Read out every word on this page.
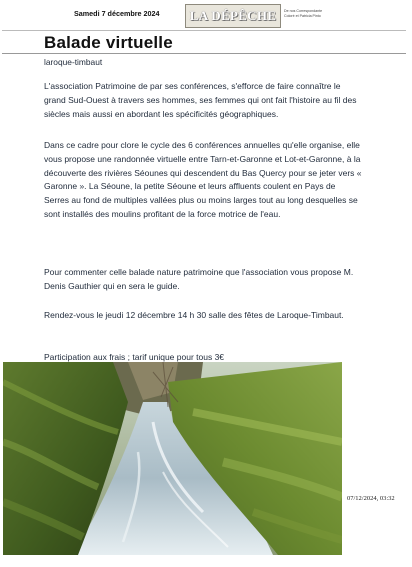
Samedi 7 décembre 2024	LA DÉPÊCHE	De nos Correspondante
Coloré et Patricia Pinto
Balade virtuelle
laroque-timbaut

L'association Patrimoine de par ses conférences, s'efforce de faire connaître le grand Sud-Ouest à travers ses hommes, ses femmes qui ont fait l'histoire au fil des siècles mais aussi en abordant les spécificités géographiques.

Dans ce cadre pour clore le cycle des 6 conférences annuelles qu'elle organise, elle vous propose une randonnée virtuelle entre Tarn-et-Garonne et Lot-et-Garonne, à la découverte des rivières Séounes qui descendent du Bas Quercy pour se jeter vers « Garonne ». La Séoune, la petite Séoune et leurs affluents coulent en Pays de Serres au fond de multiples vallées plus ou moins larges tout au long desquelles se sont installés des moulins profitant de la force motrice de l'eau.

Pour commenter celle balade nature patrimoine que l'association vous propose M. Denis Gauthier qui en sera le guide.

Rendez-vous le jeudi 12 décembre 14 h 30 salle des fêtes de Laroque-Timbaut.

Participation aux frais ; tarif unique pour tous 3€

07/12/2024, 03:32
